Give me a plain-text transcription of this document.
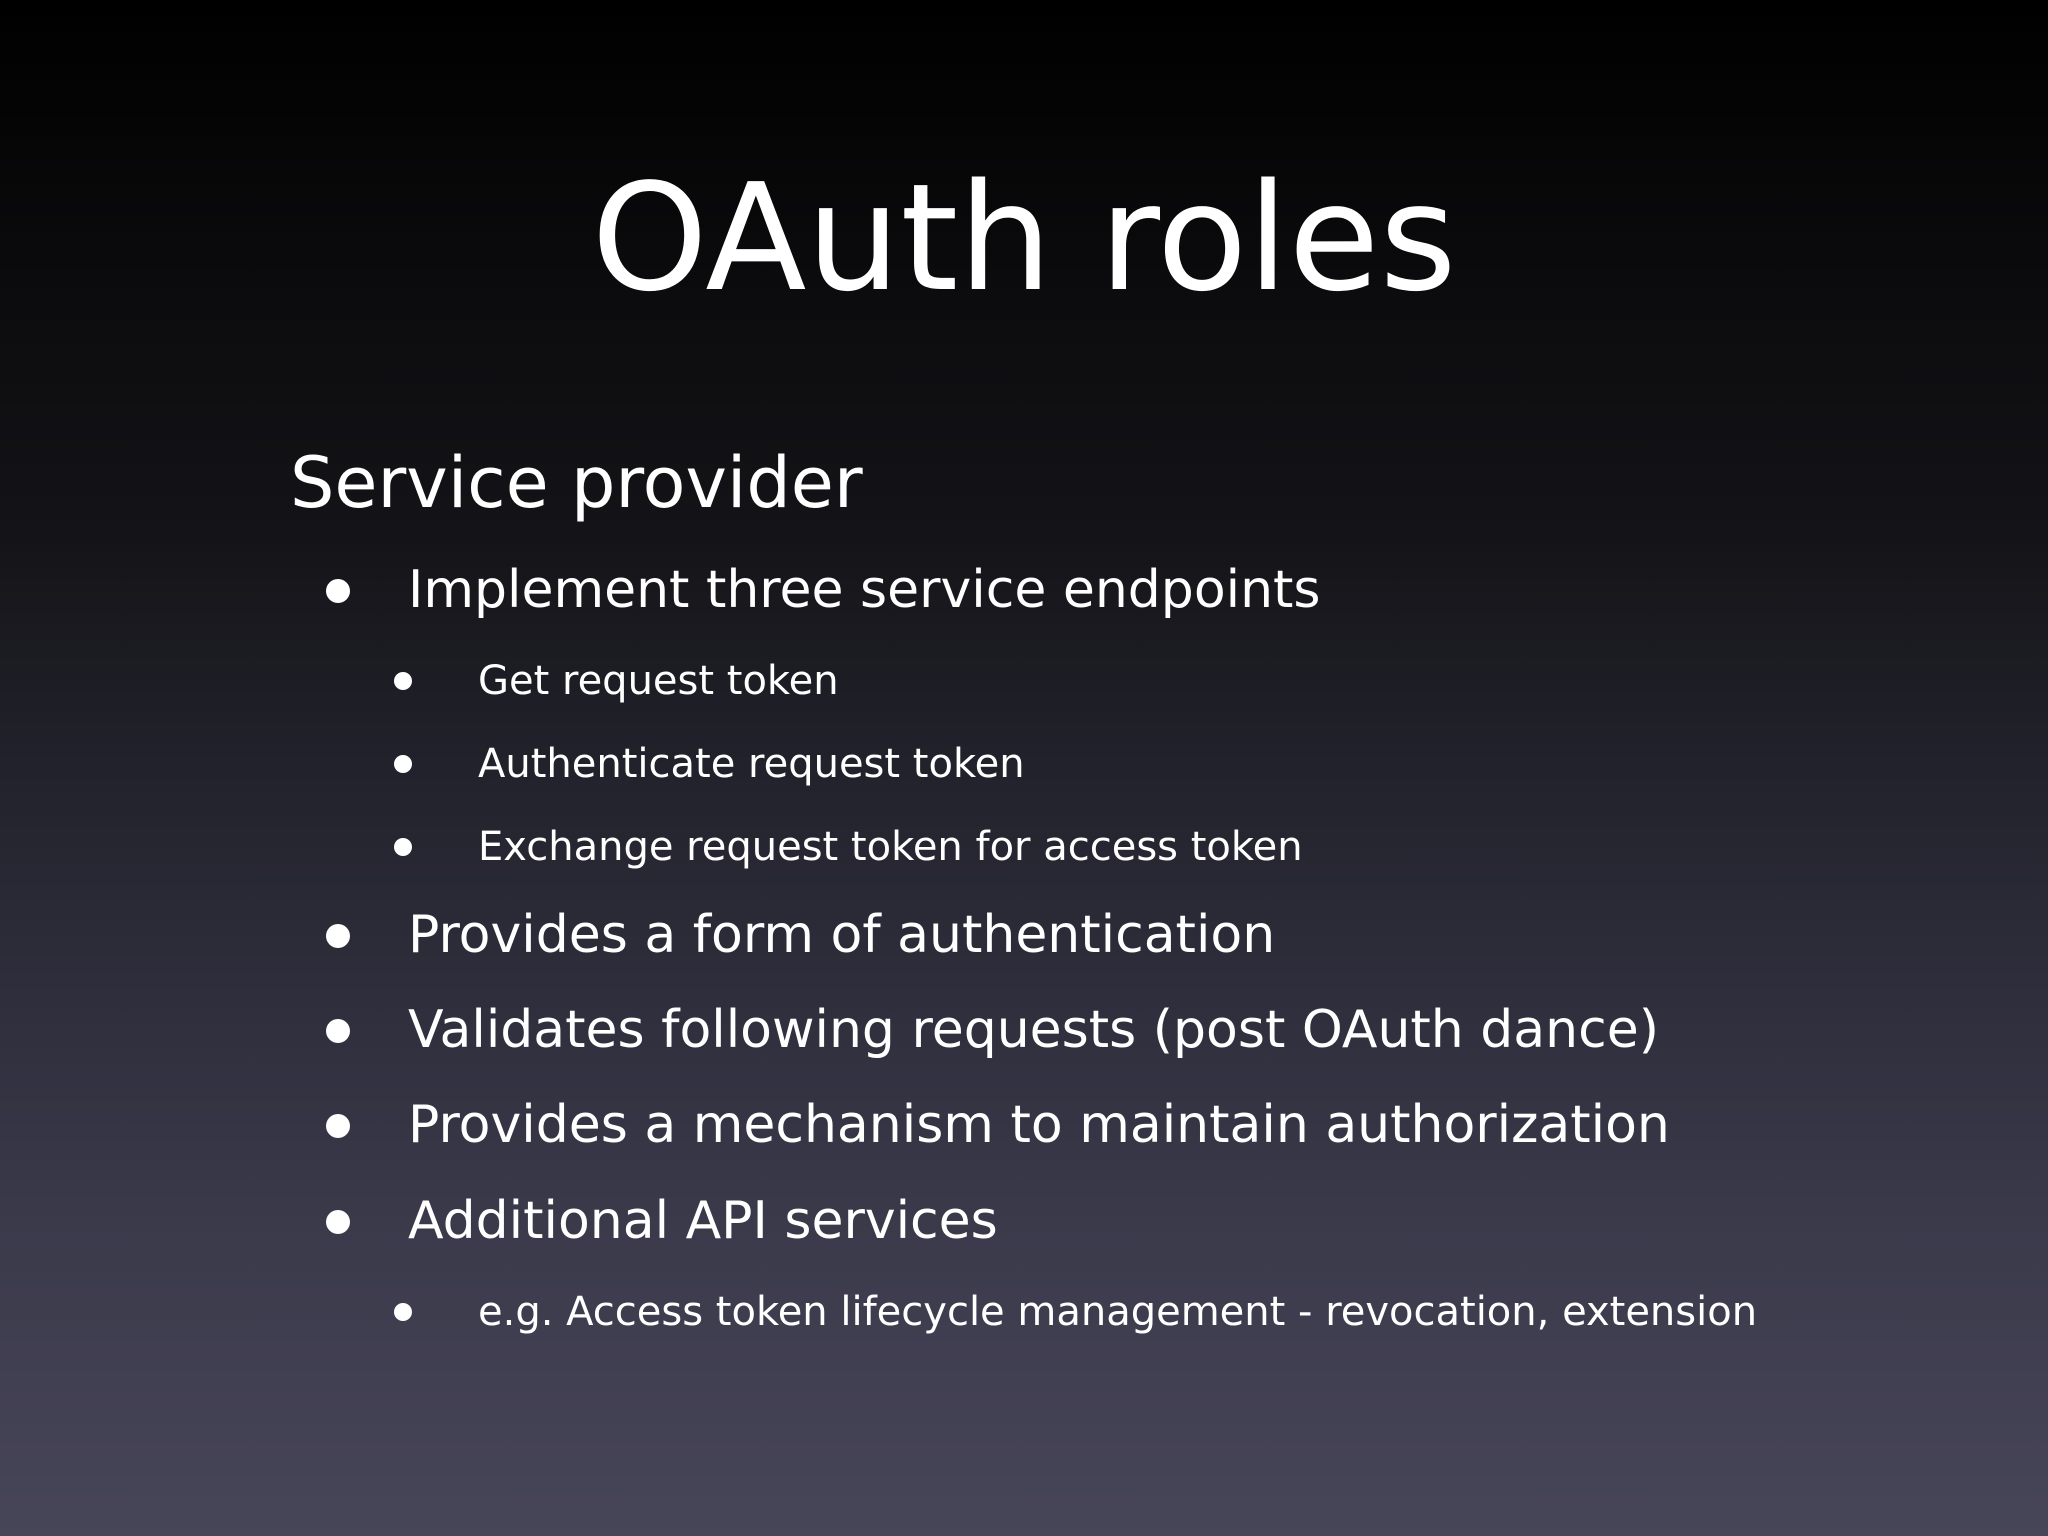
OAuth roles
Service provider
Implement three service endpoints
Get request token
Authenticate request token
Exchange request token for access token
Provides a form of authentication
Validates following requests (post OAuth dance)
Provides a mechanism to maintain authorization
Additional API services
e.g. Access token lifecycle management - revocation, extension
